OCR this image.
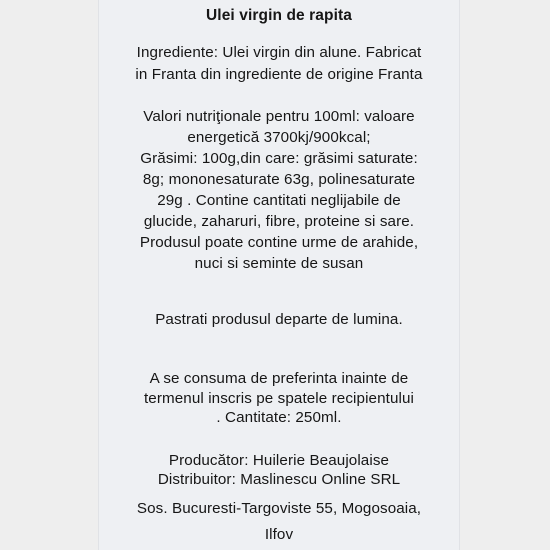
Ulei virgin de rapita

Ingrediente: Ulei virgin din alune. Fabricat

in Franta din ingrediente de origine Franta

Valori nutriţionale pentru 100ml: valoare

energetică 3700kj/900kcal;

Grăsimi: 100g,din care: grăsimi saturate:

8g; mononesaturate 63g, polinesaturate

29g . Contine cantitati neglijabile de

glucide, zaharuri, fibre, proteine si sare.

Produsul poate contine urme de arahide,

nuci si seminte de susan

Pastrati produsul departe de lumina.

A se consuma de preferinta inainte de

termenul inscris pe spatele recipientului

. Cantitate: 250ml.

Producător: Huilerie Beaujolaise

Distribuitor: Maslinescu Online SRL

Sos. Bucuresti-Targoviste 55, Mogosoaia,

Ilfov
